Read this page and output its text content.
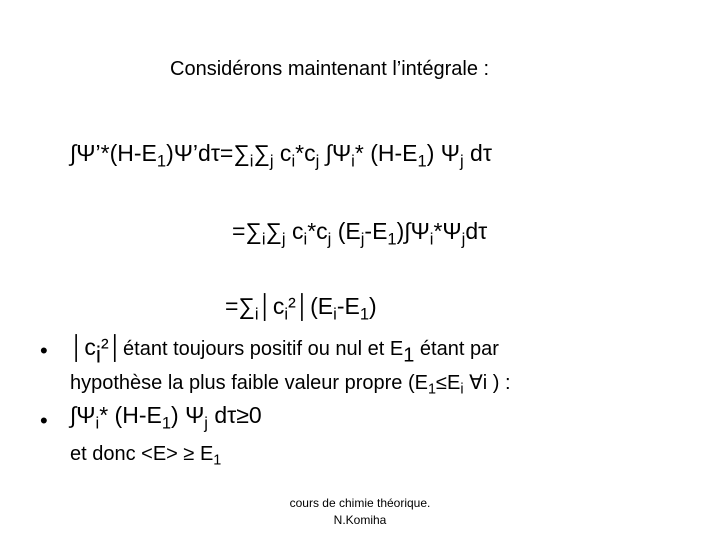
Considérons maintenant l’intégrale :
$\int\Psi’*(H-E_1)\Psi’d\tau=\sum_i\sum_j$ $c_i*c_j$ $\int\Psi_i*$ $(H-E_1)$ $\Psi_j$ dτ
$=\sum_i\sum_j$ $c_i*c_j$ $(E_j-E_1)\int\Psi_i*\Psi_jd\tau$
$=\sum_i│c_i^2│(E_i-E_1)$
• $│c_i^2│é\tan t$ toujours positif ou nul et $E_1$ étant par
hypothèse la plus faible valeur propre ($E_1\le E_i$ ∀i ) :
• $\int\Psi_i*$ $(H-E_1)$ $\Psi_j$ dτ≥0
et donc $<E> \ge E_1$
cours de chimie théorique.
N.Komiha
